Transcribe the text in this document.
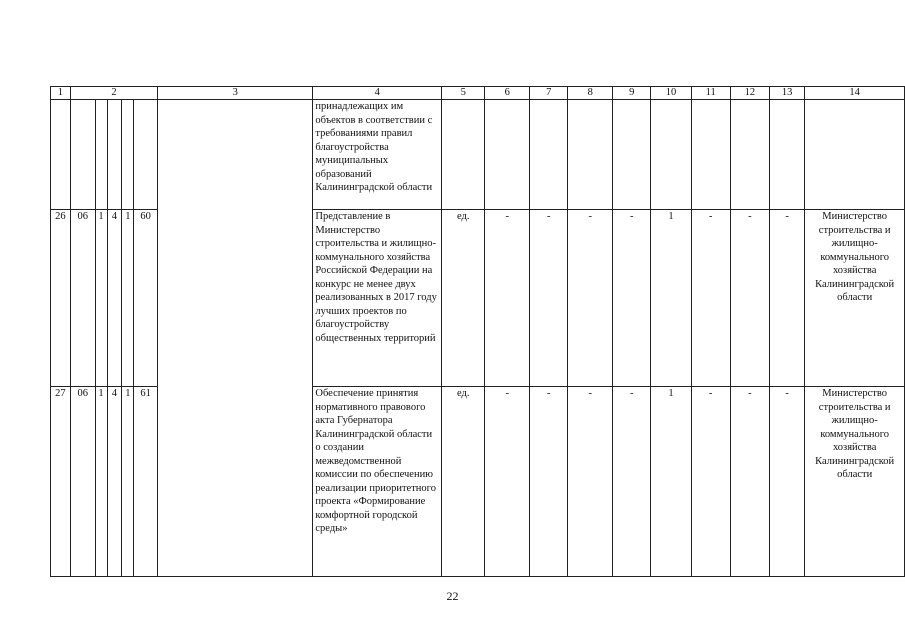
1	2					3	4	5	6	7	8	9	10	11	12	13	14
							принадлежащих им объектов в соответствии с требованиями правил благоустройства муниципальных образований Калининградской области										
26	06	1	4	1	60		Представление в Министерство строительства и жилищно-коммунального хозяйства Российской Федерации на конкурс не менее двух реализованных в 2017 году лучших проектов по благоустройству общественных территорий	ед.	-	-	-	-	1	-	-	-	Министерство строительства и жилищно-коммунального хозяйства Калининградской области
27	06	1	4	1	61		Обеспечение принятия нормативного правового акта Губернатора Калининградской области о создании межведомственной комиссии по обеспечению реализации приоритетного проекта «Формирование комфортной городской среды»	ед.	-	-	-	-	1	-	-	-	Министерство строительства и жилищно-коммунального хозяйства Калининградской области
22
